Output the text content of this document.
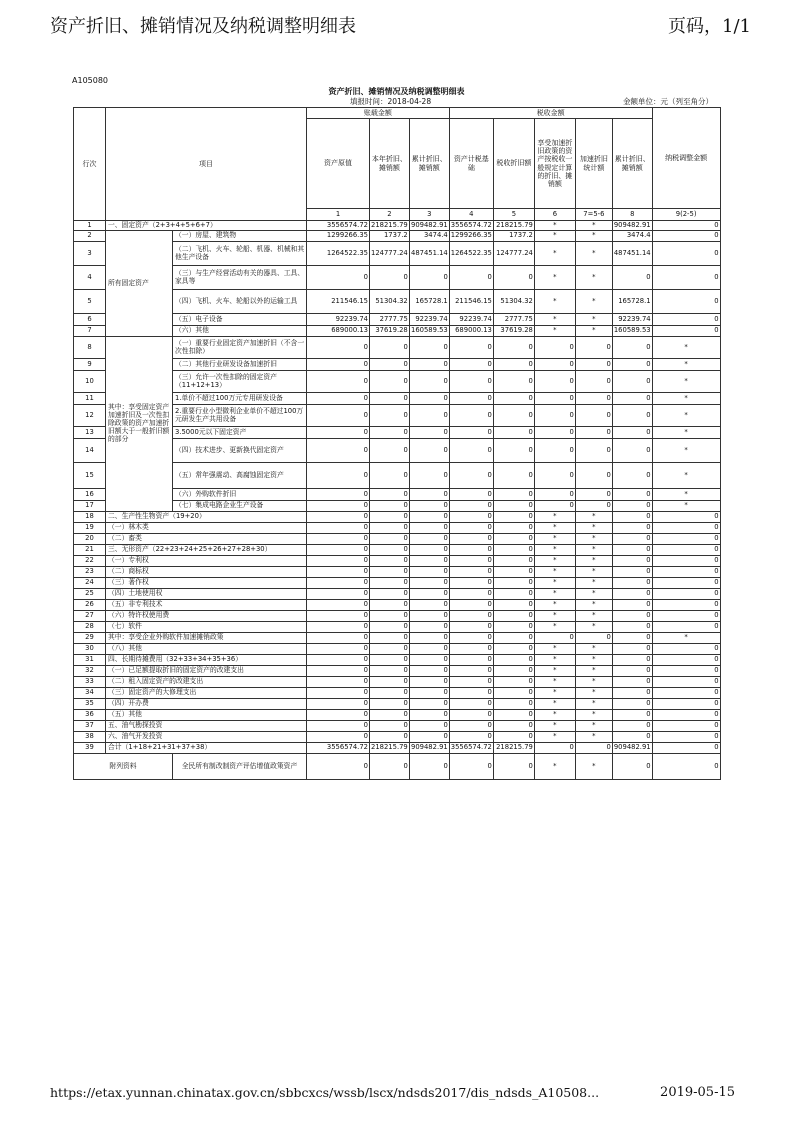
资产折旧、摊销情况及纳税调整明细表	页码，1/1
A105080
资产折旧、摊销情况及纳税调整明细表
填报时间：2018-04-28	金额单位：元（列至角分）
行次	项目		账载金额			税收金额					纳税调整金额
			资产原值	本年折旧、摊销额	累计折旧、摊销额	资产计税基础	税收折旧额	享受加速折旧政策的资产按税收一般规定计算的折旧、摊销额	加速折旧统计额	累计折旧、摊销额	
			1	2	3	4	5	6	7=5-6	8	9(2-5)
1	一、固定资产（2+3+4+5+6+7）		3556574.72	218215.79	909482.91	3556574.72	218215.79	*	*	909482.91	0
2	所有固定资产	（一）房屋、建筑物	1299266.35	1737.2	3474.4	1299266.35	1737.2	*	*	3474.4	0
3		（二）飞机、火车、轮船、机器、机械和其他生产设备	1264522.35	124777.24	487451.14	1264522.35	124777.24	*	*	487451.14	0
4		（三）与生产经营活动有关的器具、工具、家具等	0	0	0	0	0	*	*	0	0
5		（四）飞机、火车、轮船以外的运输工具	211546.15	51304.32	165728.1	211546.15	51304.32	*	*	165728.1	0
6		（五）电子设备	92239.74	2777.75	92239.74	92239.74	2777.75	*	*	92239.74	0
7		（六）其他	689000.13	37619.28	160589.53	689000.13	37619.28	*	*	160589.53	0
8	其中：享受固定资产加速折旧及一次性扣除政策的资产加速折旧额大于一般折旧额的部分	（一）重要行业固定资产加速折旧（不含一次性扣除）	0	0	0	0	0	0	0	0	*
9		（二）其他行业研发设备加速折旧	0	0	0	0	0	0	0	0	*
10		（三）允许一次性扣除的固定资产（11+12+13）	0	0	0	0	0	0	0	0	*
11		1.单价不超过100万元专用研发设备	0	0	0	0	0	0	0	0	*
12		2.重要行业小型微利企业单价不超过100万元研发生产共用设备	0	0	0	0	0	0	0	0	*
13		3.5000元以下固定资产	0	0	0	0	0	0	0	0	*
14		（四）技术进步、更新换代固定资产	0	0	0	0	0	0	0	0	*
15		（五）常年强震动、高腐蚀固定资产	0	0	0	0	0	0	0	0	*
16		（六）外购软件折旧	0	0	0	0	0	0	0	0	*
17		（七）集成电路企业生产设备	0	0	0	0	0	0	0	0	*
18	二、生产性生物资产（19+20）		0	0	0	0	0	*	*	0	0
19	（一）林木类		0	0	0	0	0	*	*	0	0
20	（二）畜类		0	0	0	0	0	*	*	0	0
21	三、无形资产（22+23+24+25+26+27+28+30）		0	0	0	0	0	*	*	0	0
22	（一）专利权		0	0	0	0	0	*	*	0	0
23	（二）商标权		0	0	0	0	0	*	*	0	0
24	（三）著作权		0	0	0	0	0	*	*	0	0
25	（四）土地使用权		0	0	0	0	0	*	*	0	0
26	（五）非专利技术		0	0	0	0	0	*	*	0	0
27	（六）特许权使用费		0	0	0	0	0	*	*	0	0
28	（七）软件		0	0	0	0	0	*	*	0	0
29	其中：享受企业外购软件加速摊销政策		0	0	0	0	0	0	0	0	*
30	（八）其他		0	0	0	0	0	*	*	0	0
31	四、长期待摊费用（32+33+34+35+36）		0	0	0	0	0	*	*	0	0
32	（一）已足额提取折旧的固定资产的改建支出		0	0	0	0	0	*	*	0	0
33	（二）租入固定资产的改建支出		0	0	0	0	0	*	*	0	0
34	（三）固定资产的大修理支出		0	0	0	0	0	*	*	0	0
35	（四）开办费		0	0	0	0	0	*	*	0	0
36	（五）其他		0	0	0	0	0	*	*	0	0
37	五、油气勘探投资		0	0	0	0	0	*	*	0	0
38	六、油气开发投资		0	0	0	0	0	*	*	0	0
39	合计（1+18+21+31+37+38）		3556574.72	218215.79	909482.91	3556574.72	218215.79	0	0	909482.91	0
附列资料		全民所有制改制资产评估增值政策资产	0	0	0	0	0	*	*	0	0
https://etax.yunnan.chinatax.gov.cn/sbbcxcs/wssb/lscx/ndsds2017/dis_ndsds_A10508...	2019-05-15
